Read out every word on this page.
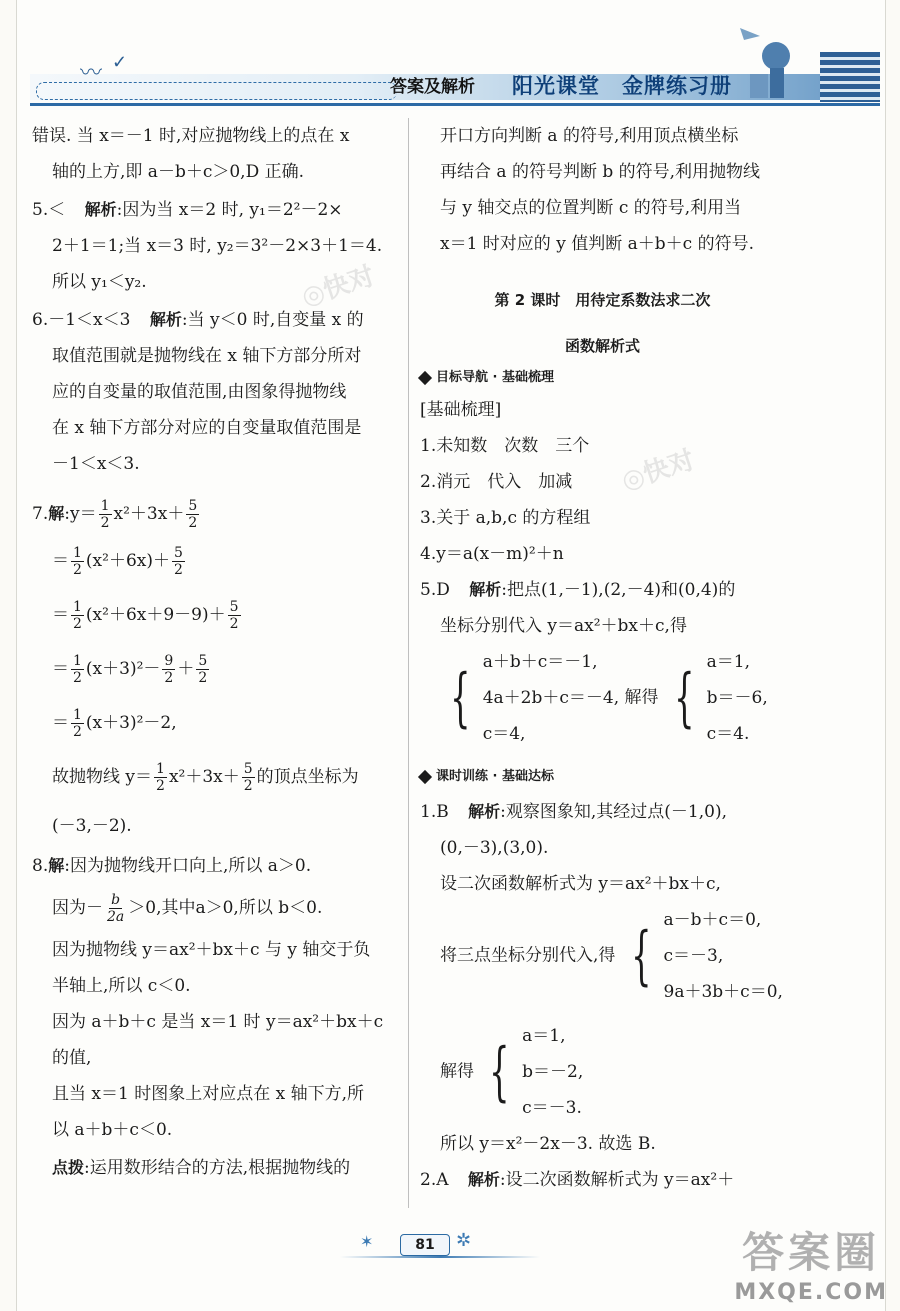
〰 ✓
答案及解析 阳光课堂　金牌练习册
◎快对
◎快对
错误. 当 x＝－1 时,对应抛物线上的点在 x
轴的上方,即 a－b＋c＞0,D 正确.
5.＜ 解析:因为当 x＝2 时, y₁＝2²－2×
2＋1＝1;当 x＝3 时, y₂＝3²－2×3＋1＝4.
所以 y₁＜y₂.
6.－1＜x＜3 解析:当 y＜0 时,自变量 x 的
取值范围就是抛物线在 x 轴下方部分所对
应的自变量的取值范围,由图象得抛物线
在 x 轴下方部分对应的自变量取值范围是
－1＜x＜3.
7.解:y＝ $\frac{1}{2} x^2+3x+ \frac{5}{2}$
＝ $\frac{1}{2} (x^2+6x)+ \frac{5}{2}$
＝ $\frac{1}{2} (x^2+6x+9-9)+ \frac{5}{2}$
＝ $\frac{1}{2} (x+3)^2- \frac{9}{2} + \frac{5}{2}$
＝ $\frac{1}{2} (x+3)^2-2$,
故抛物线 $y= \frac{1}{2} x^2+3x+ \frac{5}{2}$ 的顶点坐标为
(－3,－2).
8.解:因为抛物线开口向上,所以 a＞0.
因为－ $\frac{b}{2a} >0$,其中a＞0,所以 b＜0.
因为抛物线 y＝ax²＋bx＋c 与 y 轴交于负
半轴上,所以 c＜0.
因为 a＋b＋c 是当 x＝1 时 y＝ax²＋bx＋c
的值,
且当 x＝1 时图象上对应点在 x 轴下方,所
以 a＋b＋c＜0.
点拨:运用数形结合的方法,根据抛物线的
开口方向判断 a 的符号,利用顶点横坐标
再结合 a 的符号判断 b 的符号,利用抛物线
与 y 轴交点的位置判断 c 的符号,利用当
x＝1 时对应的 y 值判断 a＋b＋c 的符号.
第 2 课时　用待定系数法求二次
函数解析式
目标导航 · 基础梳理
[基础梳理]
1.未知数　次数　三个
2.消元　代入　加减
3.关于 a,b,c 的方程组
4.y＝a(x－m)²＋n
5.D 解析:把点(1,－1),(2,－4)和(0,4)的
坐标分别代入 y＝ax²＋bx＋c,得
{ a＋b＋c＝－1,
4a＋2b＋c＝－4,
c＝4,
解得 { a＝1,
b＝－6,
c＝4.
课时训练 · 基础达标
1.B 解析:观察图象知,其经过点(－1,0),
(0,－3),(3,0).
设二次函数解析式为 y＝ax²＋bx＋c,
将三点坐标分别代入,得 { a－b＋c＝0,
c＝－3,
9a＋3b＋c＝0,
解得 { a＝1,
b＝－2,
c＝－3.
所以 y＝x²－2x－3. 故选 B.
2.A 解析:设二次函数解析式为 y＝ax²＋
✶	81	✲	答案圈
MXQE.COM
